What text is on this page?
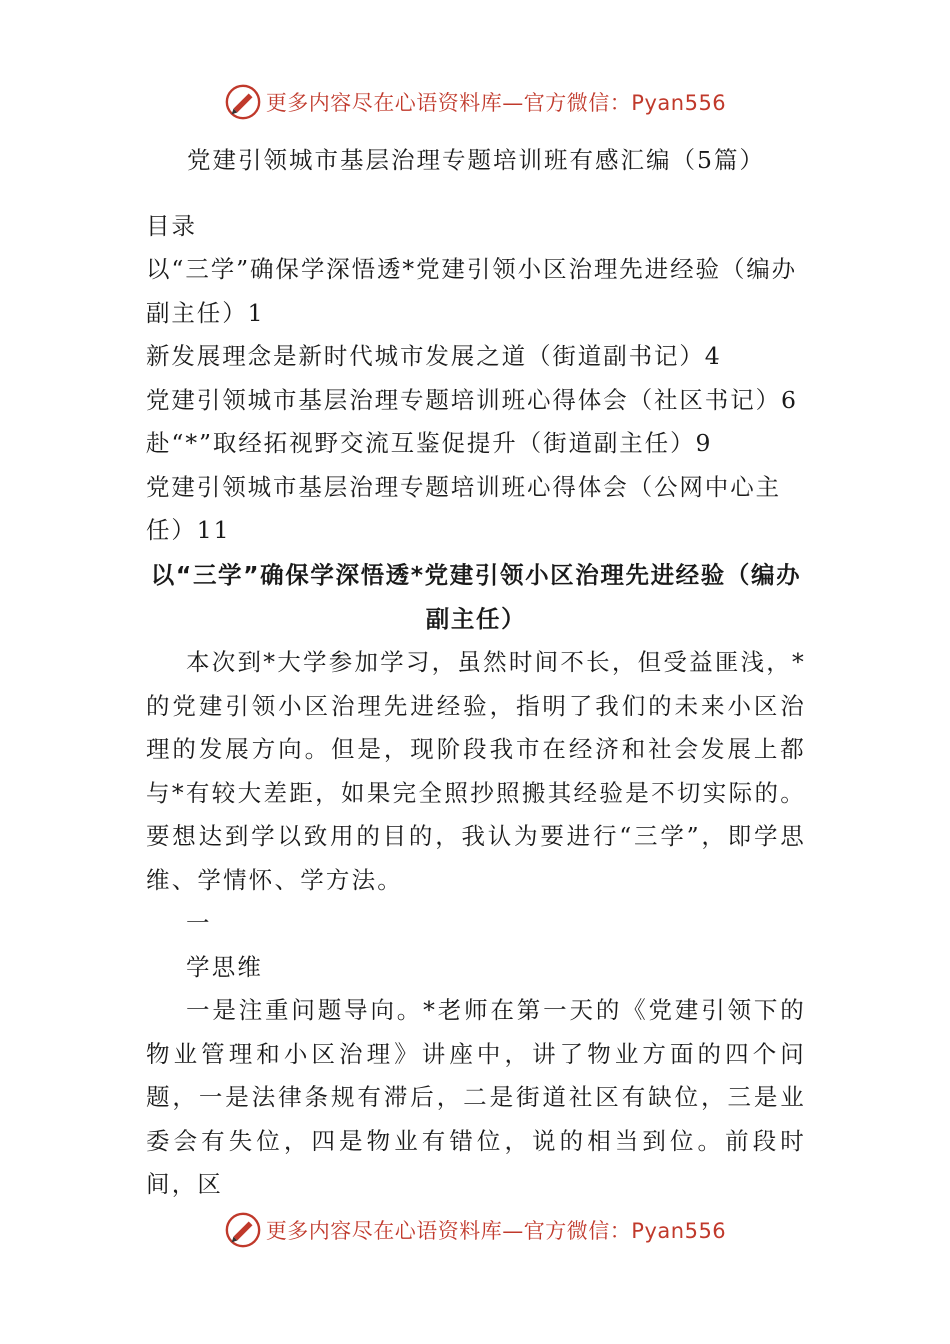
更多内容尽在心语资料库—官方微信：Pyan556
党建引领城市基层治理专题培训班有感汇编（5篇）
目录
以“三学”确保学深悟透*党建引领小区治理先进经验（编办副主任）1
新发展理念是新时代城市发展之道（街道副书记）4
党建引领城市基层治理专题培训班心得体会（社区书记）6
赴“*”取经拓视野交流互鉴促提升（街道副主任）9
党建引领城市基层治理专题培训班心得体会（公网中心主任）11
以“三学”确保学深悟透*党建引领小区治理先进经验（编办副主任）

本次到*大学参加学习，虽然时间不长，但受益匪浅，*的党建引领小区治理先进经验，指明了我们的未来小区治理的发展方向。但是，现阶段我市在经济和社会发展上都与*有较大差距，如果完全照抄照搬其经验是不切实际的。要想达到学以致用的目的，我认为要进行“三学”，即学思维、学情怀、学方法。

一

学思维

一是注重问题导向。*老师在第一天的《党建引领下的物业管理和小区治理》讲座中，讲了物业方面的四个问题，一是法律条规有滞后，二是街道社区有缺位，三是业委会有失位，四是物业有错位，说的相当到位。前段时间，区

更多内容尽在心语资料库—官方微信：Pyan556
